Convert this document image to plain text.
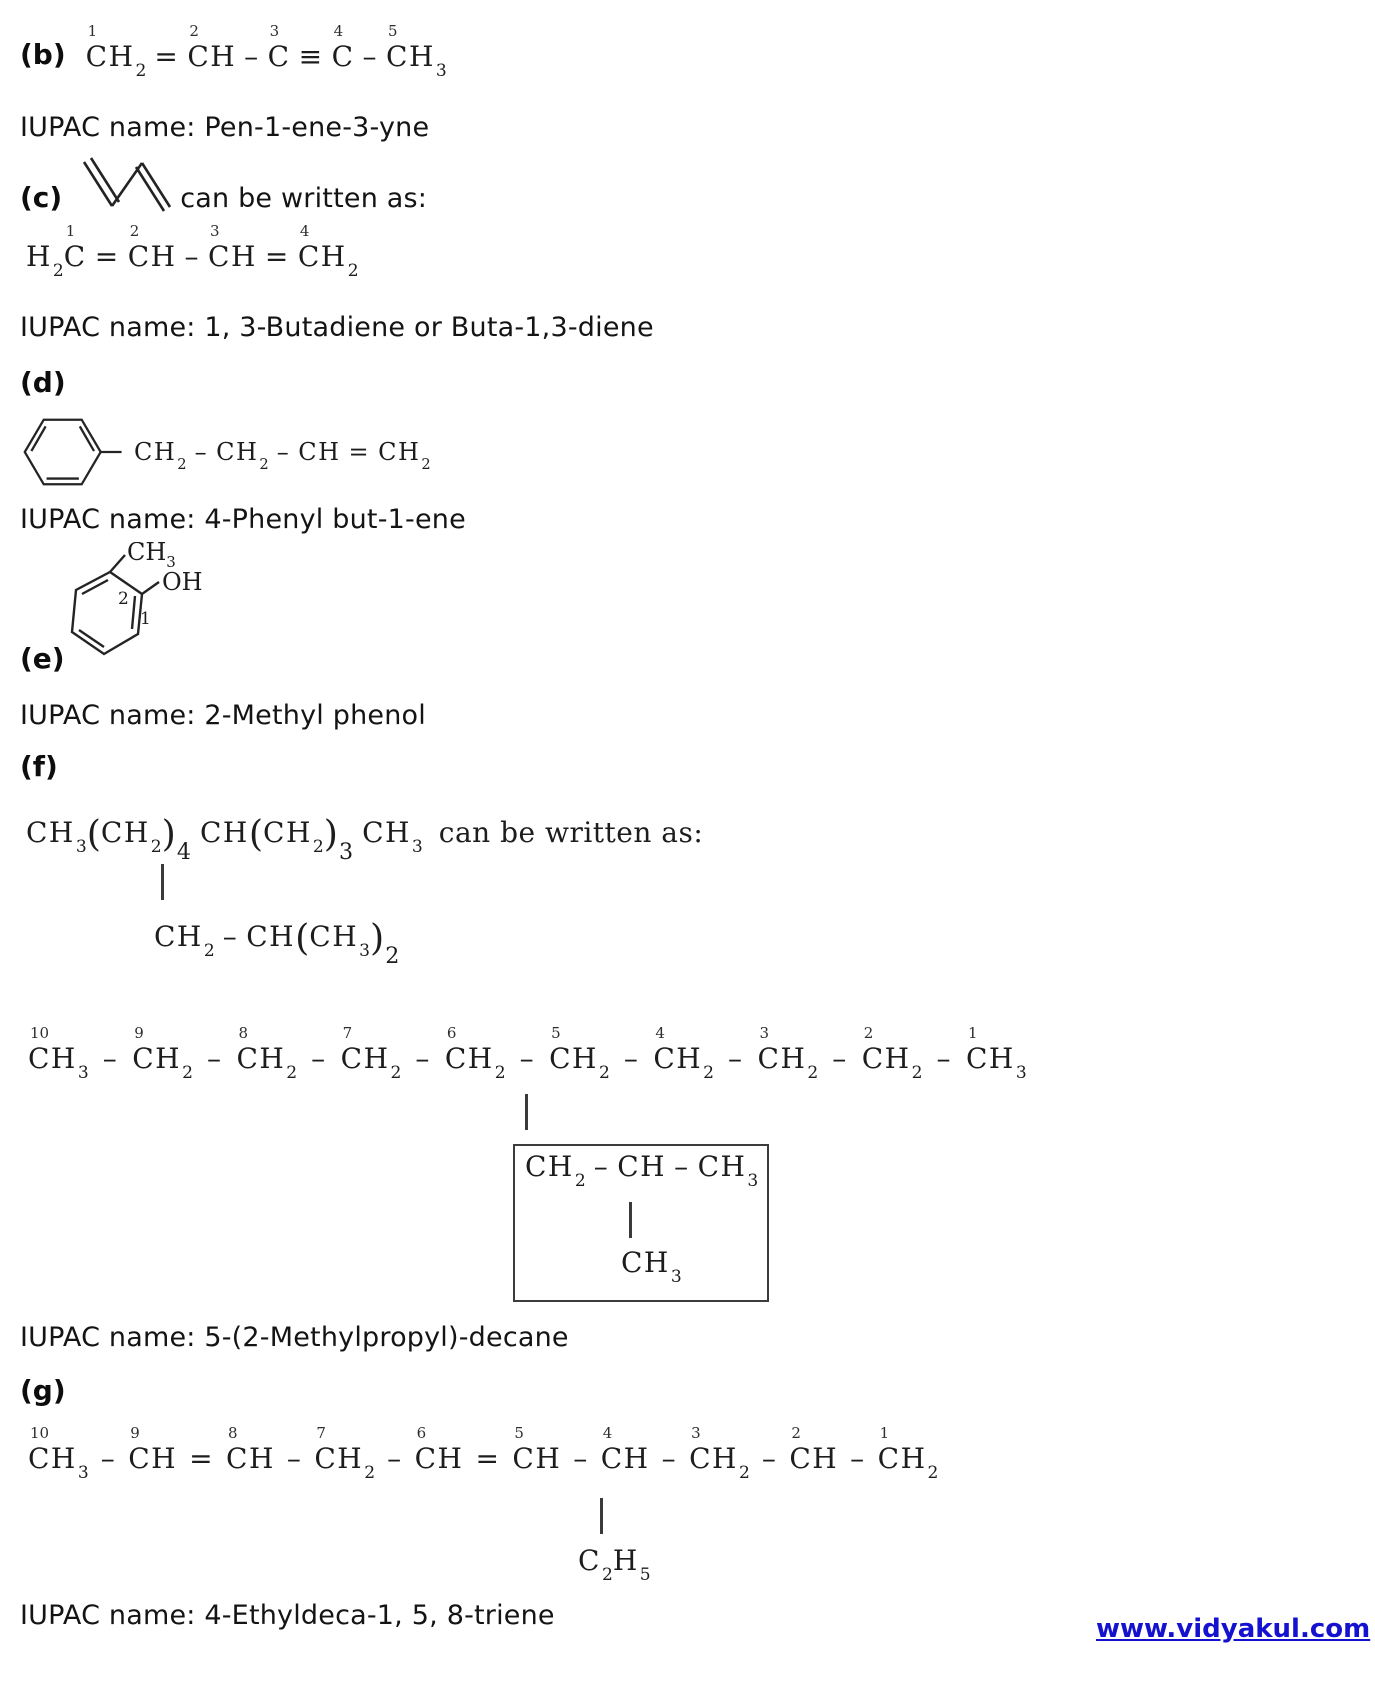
(b)
1
$CH_2$ =
2
CH –
3
C ≡
4
C –
5
$CH_3$
IUPAC name: Pen-1-ene-3-yne
(c)	can be written as:
$H_2$
1
C =
2
CH –
3
CH =
4
$CH_2$
IUPAC name: 1, 3-Butadiene or Buta-1,3-diene
(d)
$CH_2 - CH_2$ – CH = $CH_2$
IUPAC name: 4-Phenyl but-1-ene
(e)
$CH_3$
OH
2
1
IUPAC name: 2-Methyl phenol
(f)
$CH_3(CH_2)_4CH(CH_2)_3CH_3$ can be written as:
$CH_2 - CH(CH_3)_2$
10
$CH_3$ –
9
$CH_2$ –
8
$CH_2$ –
7
$CH_2$ –
6
$CH_2$ –
5
$CH_2$ –
4
$CH_2$ –
3
$CH_2$ –
2
$CH_2$ –
1
$CH_3$
$CH_2$ – CH – $CH_3$
$CH_3$
IUPAC name: 5-(2-Methylpropyl)-decane
(g)
10
$CH_3$ –
9
CH =
8
CH –
7
$CH_2$ –
6
CH =
5
CH –
4
CH –
3
$CH_2$ –
2
CH –
1
$CH_2$
$C_2H_5$
IUPAC name: 4-Ethyldeca-1, 5, 8-triene	www.vidyakul.com
